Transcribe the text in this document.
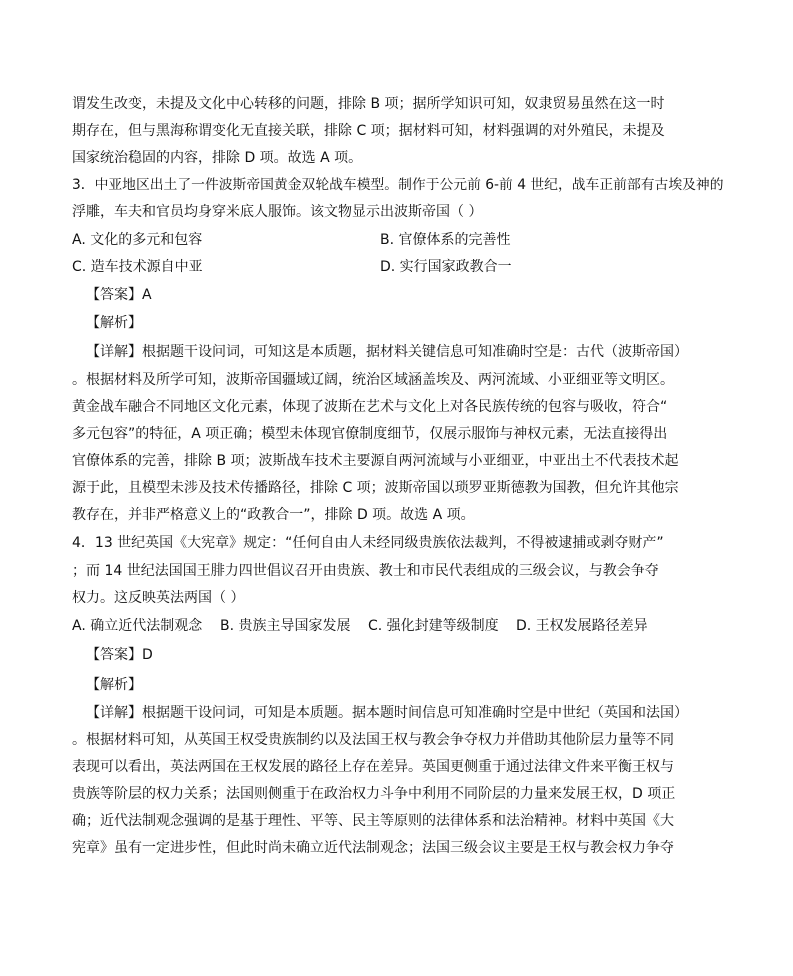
谓发生改变，未提及文化中心转移的问题，排除 B 项；据所学知识可知，奴隶贸易虽然在这一时
期存在，但与黑海称谓变化无直接关联，排除 C 项；据材料可知，材料强调的对外殖民，未提及
国家统治稳固的内容，排除 D 项。故选 A 项。
3．中亚地区出土了一件波斯帝国黄金双轮战车模型。制作于公元前 6-前 4 世纪，战车正前部有古埃及神的
浮雕，车夫和官员均身穿米底人服饰。该文物显示出波斯帝国（ ）
A. 文化的多元和包容	B. 官僚体系的完善性
C. 造车技术源自中亚	D. 实行国家政教合一
【答案】A
【解析】
【详解】根据题干设问词，可知这是本质题，据材料关键信息可知准确时空是：古代（波斯帝国）
。根据材料及所学可知，波斯帝国疆域辽阔，统治区域涵盖埃及、两河流域、小亚细亚等文明区。
黄金战车融合不同地区文化元素，体现了波斯在艺术与文化上对各民族传统的包容与吸收，符合“
多元包容”的特征，A 项正确；模型未体现官僚制度细节，仅展示服饰与神权元素，无法直接得出
官僚体系的完善，排除 B 项；波斯战车技术主要源自两河流域与小亚细亚，中亚出土不代表技术起
源于此，且模型未涉及技术传播路径，排除 C 项；波斯帝国以琐罗亚斯德教为国教，但允许其他宗
教存在，并非严格意义上的“政教合一”，排除 D 项。故选 A 项。
4．13 世纪英国《大宪章》规定：“任何自由人未经同级贵族依法裁判，不得被逮捕或剥夺财产”
；而 14 世纪法国国王腓力四世倡议召开由贵族、教士和市民代表组成的三级会议，与教会争夺
权力。这反映英法两国（ ）
A. 确立近代法制观念 B. 贵族主导国家发展 C. 强化封建等级制度 D. 王权发展路径差异
【答案】D
【解析】
【详解】根据题干设问词，可知是本质题。据本题时间信息可知准确时空是中世纪（英国和法国）
。根据材料可知，从英国王权受贵族制约以及法国王权与教会争夺权力并借助其他阶层力量等不同
表现可以看出，英法两国在王权发展的路径上存在差异。英国更侧重于通过法律文件来平衡王权与
贵族等阶层的权力关系；法国则侧重于在政治权力斗争中利用不同阶层的力量来发展王权，D 项正
确；近代法制观念强调的是基于理性、平等、民主等原则的法律体系和法治精神。材料中英国《大
宪章》虽有一定进步性，但此时尚未确立近代法制观念；法国三级会议主要是王权与教会权力争夺
